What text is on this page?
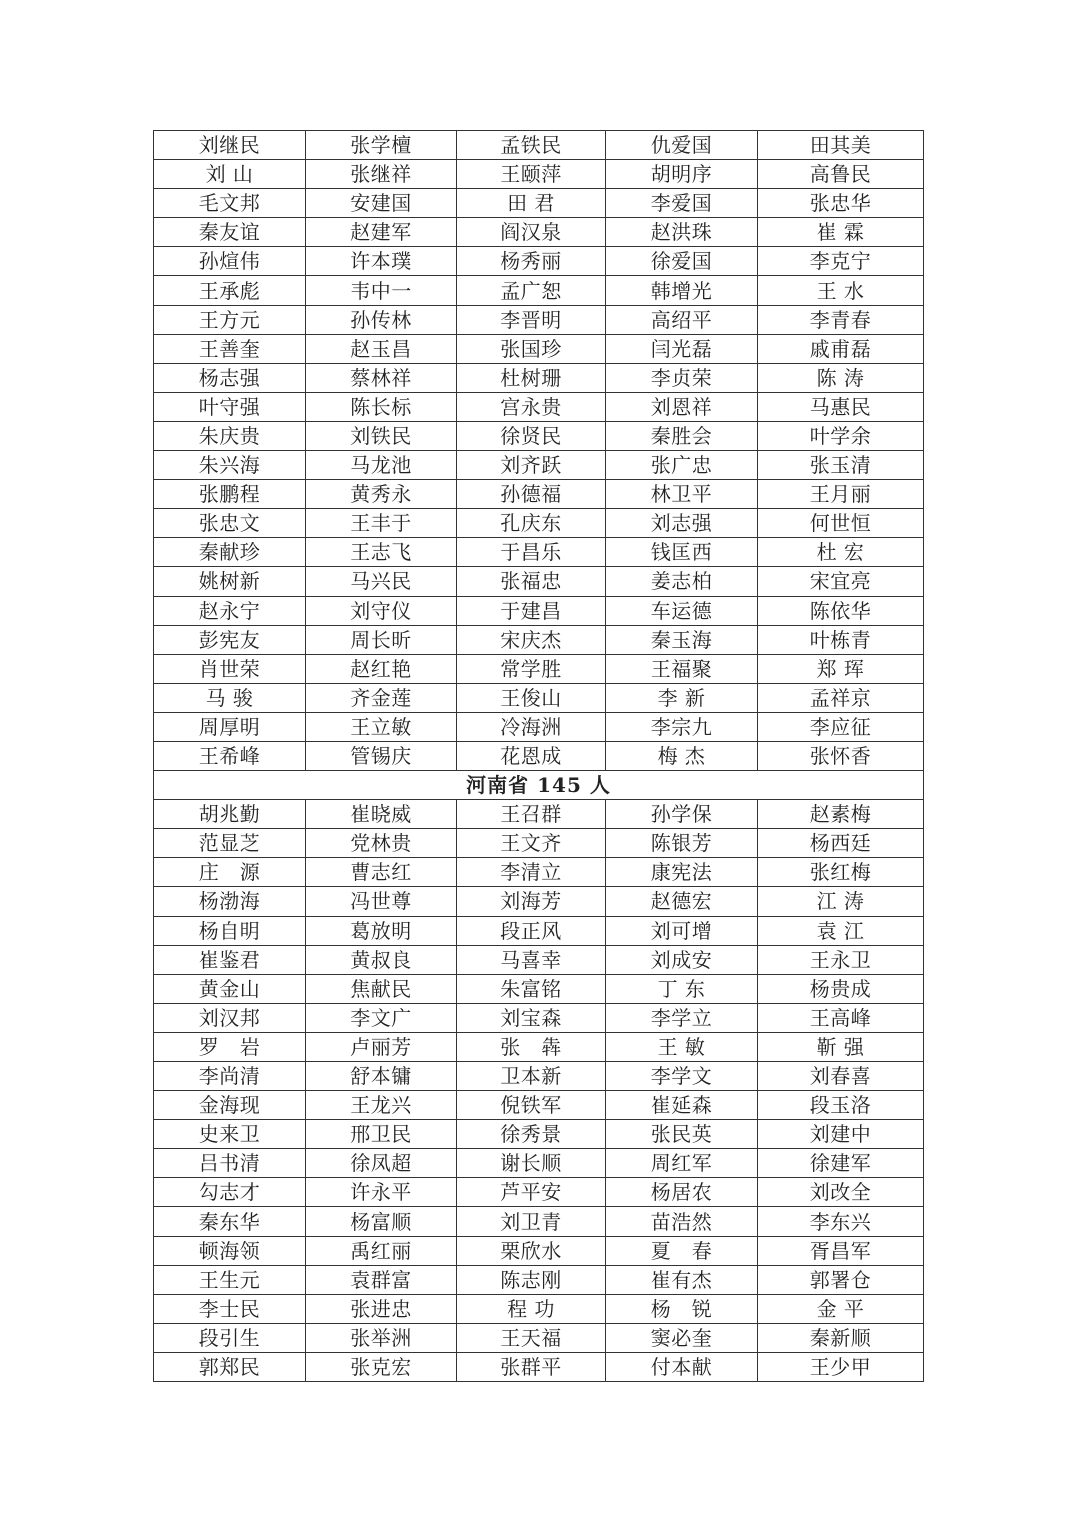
刘继民	张学檀	孟铁民	仇爱国	田其美
刘 山	张继祥	王颐萍	胡明序	高鲁民
毛文邦	安建国	田 君	李爱国	张忠华
秦友谊	赵建军	阎汉泉	赵洪珠	崔 霖
孙煊伟	许本璞	杨秀丽	徐爱国	李克宁
王承彪	韦中一	孟广恕	韩增光	王 水
王方元	孙传林	李晋明	高绍平	李青春
王善奎	赵玉昌	张国珍	闫光磊	戚甫磊
杨志强	蔡林祥	杜树珊	李贞荣	陈 涛
叶守强	陈长标	宫永贵	刘恩祥	马惠民
朱庆贵	刘铁民	徐贤民	秦胜会	叶学余
朱兴海	马龙池	刘齐跃	张广忠	张玉清
张鹏程	黄秀永	孙德福	林卫平	王月丽
张忠文	王丰于	孔庆东	刘志强	何世恒
秦献珍	王志飞	于昌乐	钱匡西	杜 宏
姚树新	马兴民	张福忠	姜志柏	宋宜亮
赵永宁	刘守仪	于建昌	车运德	陈依华
彭宪友	周长昕	宋庆杰	秦玉海	叶栋青
肖世荣	赵红艳	常学胜	王福聚	郑 珲
马 骏	齐金莲	王俊山	李 新	孟祥京
周厚明	王立敏	冷海洲	李宗九	李应征
王希峰	管锡庆	花恩成	梅 杰	张怀香
河南省 145 人				
胡兆勤	崔晓威	王召群	孙学保	赵素梅
范显芝	党林贵	王文齐	陈银芳	杨西廷
庄　源	曹志红	李清立	康宪法	张红梅
杨渤海	冯世尊	刘海芳	赵德宏	江 涛
杨自明	葛放明	段正风	刘可增	袁 江
崔鉴君	黄叔良	马喜幸	刘成安	王永卫
黄金山	焦献民	朱富铭	丁 东	杨贵成
刘汉邦	李文广	刘宝森	李学立	王高峰
罗　岩	卢丽芳	张　犇	王 敏	靳 强
李尚清	舒本镛	卫本新	李学文	刘春喜
金海现	王龙兴	倪铁军	崔延森	段玉洛
史来卫	邢卫民	徐秀景	张民英	刘建中
吕书清	徐凤超	谢长顺	周红军	徐建军
勾志才	许永平	芦平安	杨居农	刘改全
秦东华	杨富顺	刘卫青	苗浩然	李东兴
顿海领	禹红丽	栗欣水	夏　春	胥昌军
王生元	袁群富	陈志刚	崔有杰	郭署仓
李士民	张进忠	程 功	杨　锐	金 平
段引生	张举洲	王天福	窦必奎	秦新顺
郭郑民	张克宏	张群平	付本献	王少甲
